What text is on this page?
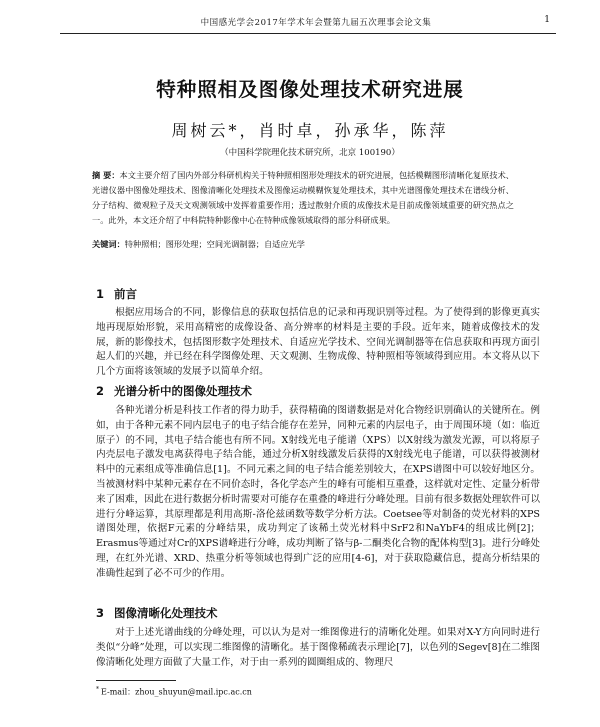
中国感光学会2017年学术年会暨第九届五次理事会论文集	1
特种照相及图像处理技术研究进展
周树云*，肖时卓，孙承华，陈萍
（中国科学院理化技术研究所，北京 100190）
摘 要：本文主要介绍了国内外部分科研机构关于特种照相图形处理技术的研究进展，包括模糊图形清晰化复原技术、光谱仪器中图像处理技术、图像清晰化处理技术及图像运动模糊恢复处理技术，其中光谱图像处理技术在谱线分析、分子结构、微观粒子及天文观测领域中发挥着重要作用；透过散射介质的成像技术是目前成像领域重要的研究热点之一。此外，本文还介绍了中科院特种影像中心在特种成像领域取得的部分科研成果。
关键词：特种照相；图形处理；空间光调制器；自适应光学
1 前言
根据应用场合的不同，影像信息的获取包括信息的记录和再现识别等过程。为了使得到的影像更真实地再现原始形貌，采用高精密的成像设备、高分辨率的材料是主要的手段。近年来，随着成像技术的发展，新的影像技术，包括图形数字处理技术、自适应光学技术、空间光调制器等在信息获取和再现方面引起人们的兴趣，并已经在科学图像处理、天文观测、生物成像、特种照相等领域得到应用。本文将从以下几个方面将该领域的发展予以简单介绍。
2 光谱分析中的图像处理技术
各种光谱分析是科技工作者的得力助手，获得精确的图谱数据是对化合物经识别确认的关键所在。例如，由于各种元素不同内层电子的电子结合能存在差异，同种元素的内层电子，由于周围环境（如：临近原子）的不同，其电子结合能也有所不同。X射线光电子能谱（XPS）以X射线为激发光源，可以将原子内壳层电子激发电离获得电子结合能，通过分析X射线激发后获得的X射线光电子能谱，可以获得被测材料中的元素组成等准确信息[1]。不同元素之间的电子结合能差别较大，在XPS谱图中可以较好地区分。当被测材料中某种元素存在不同价态时，各化学态产生的峰有可能相互重叠，这样就对定性、定量分析带来了困难，因此在进行数据分析时需要对可能存在重叠的峰进行分峰处理。目前有很多数据处理软件可以进行分峰运算，其原理都是利用高斯-洛伦兹函数等数学分析方法。Coetsee等对制备的荧光材料的XPS谱图处理，依据F元素的分峰结果，成功判定了该稀土荧光材料中SrF2和NaYbF4的组成比例[2]；Erasmus等通过对Cr的XPS谱峰进行分峰，成功判断了铬与β-二酮类化合物的配体构型[3]。进行分峰处理，在红外光谱、XRD、热重分析等领域也得到广泛的应用[4-6]，对于获取隐藏信息，提高分析结果的准确性起到了必不可少的作用。
3 图像清晰化处理技术
对于上述光谱曲线的分峰处理，可以认为是对一维图像进行的清晰化处理。如果对X-Y方向同时进行类似“分峰”处理，可以实现二维图像的清晰化。基于图像稀疏表示理论[7]，以色列的Segev[8]在二维图像清晰化处理方面做了大量工作，对于由一系列的圆圈组成的、物理尺
* E-mail：zhou_shuyun@mail.ipc.ac.cn
